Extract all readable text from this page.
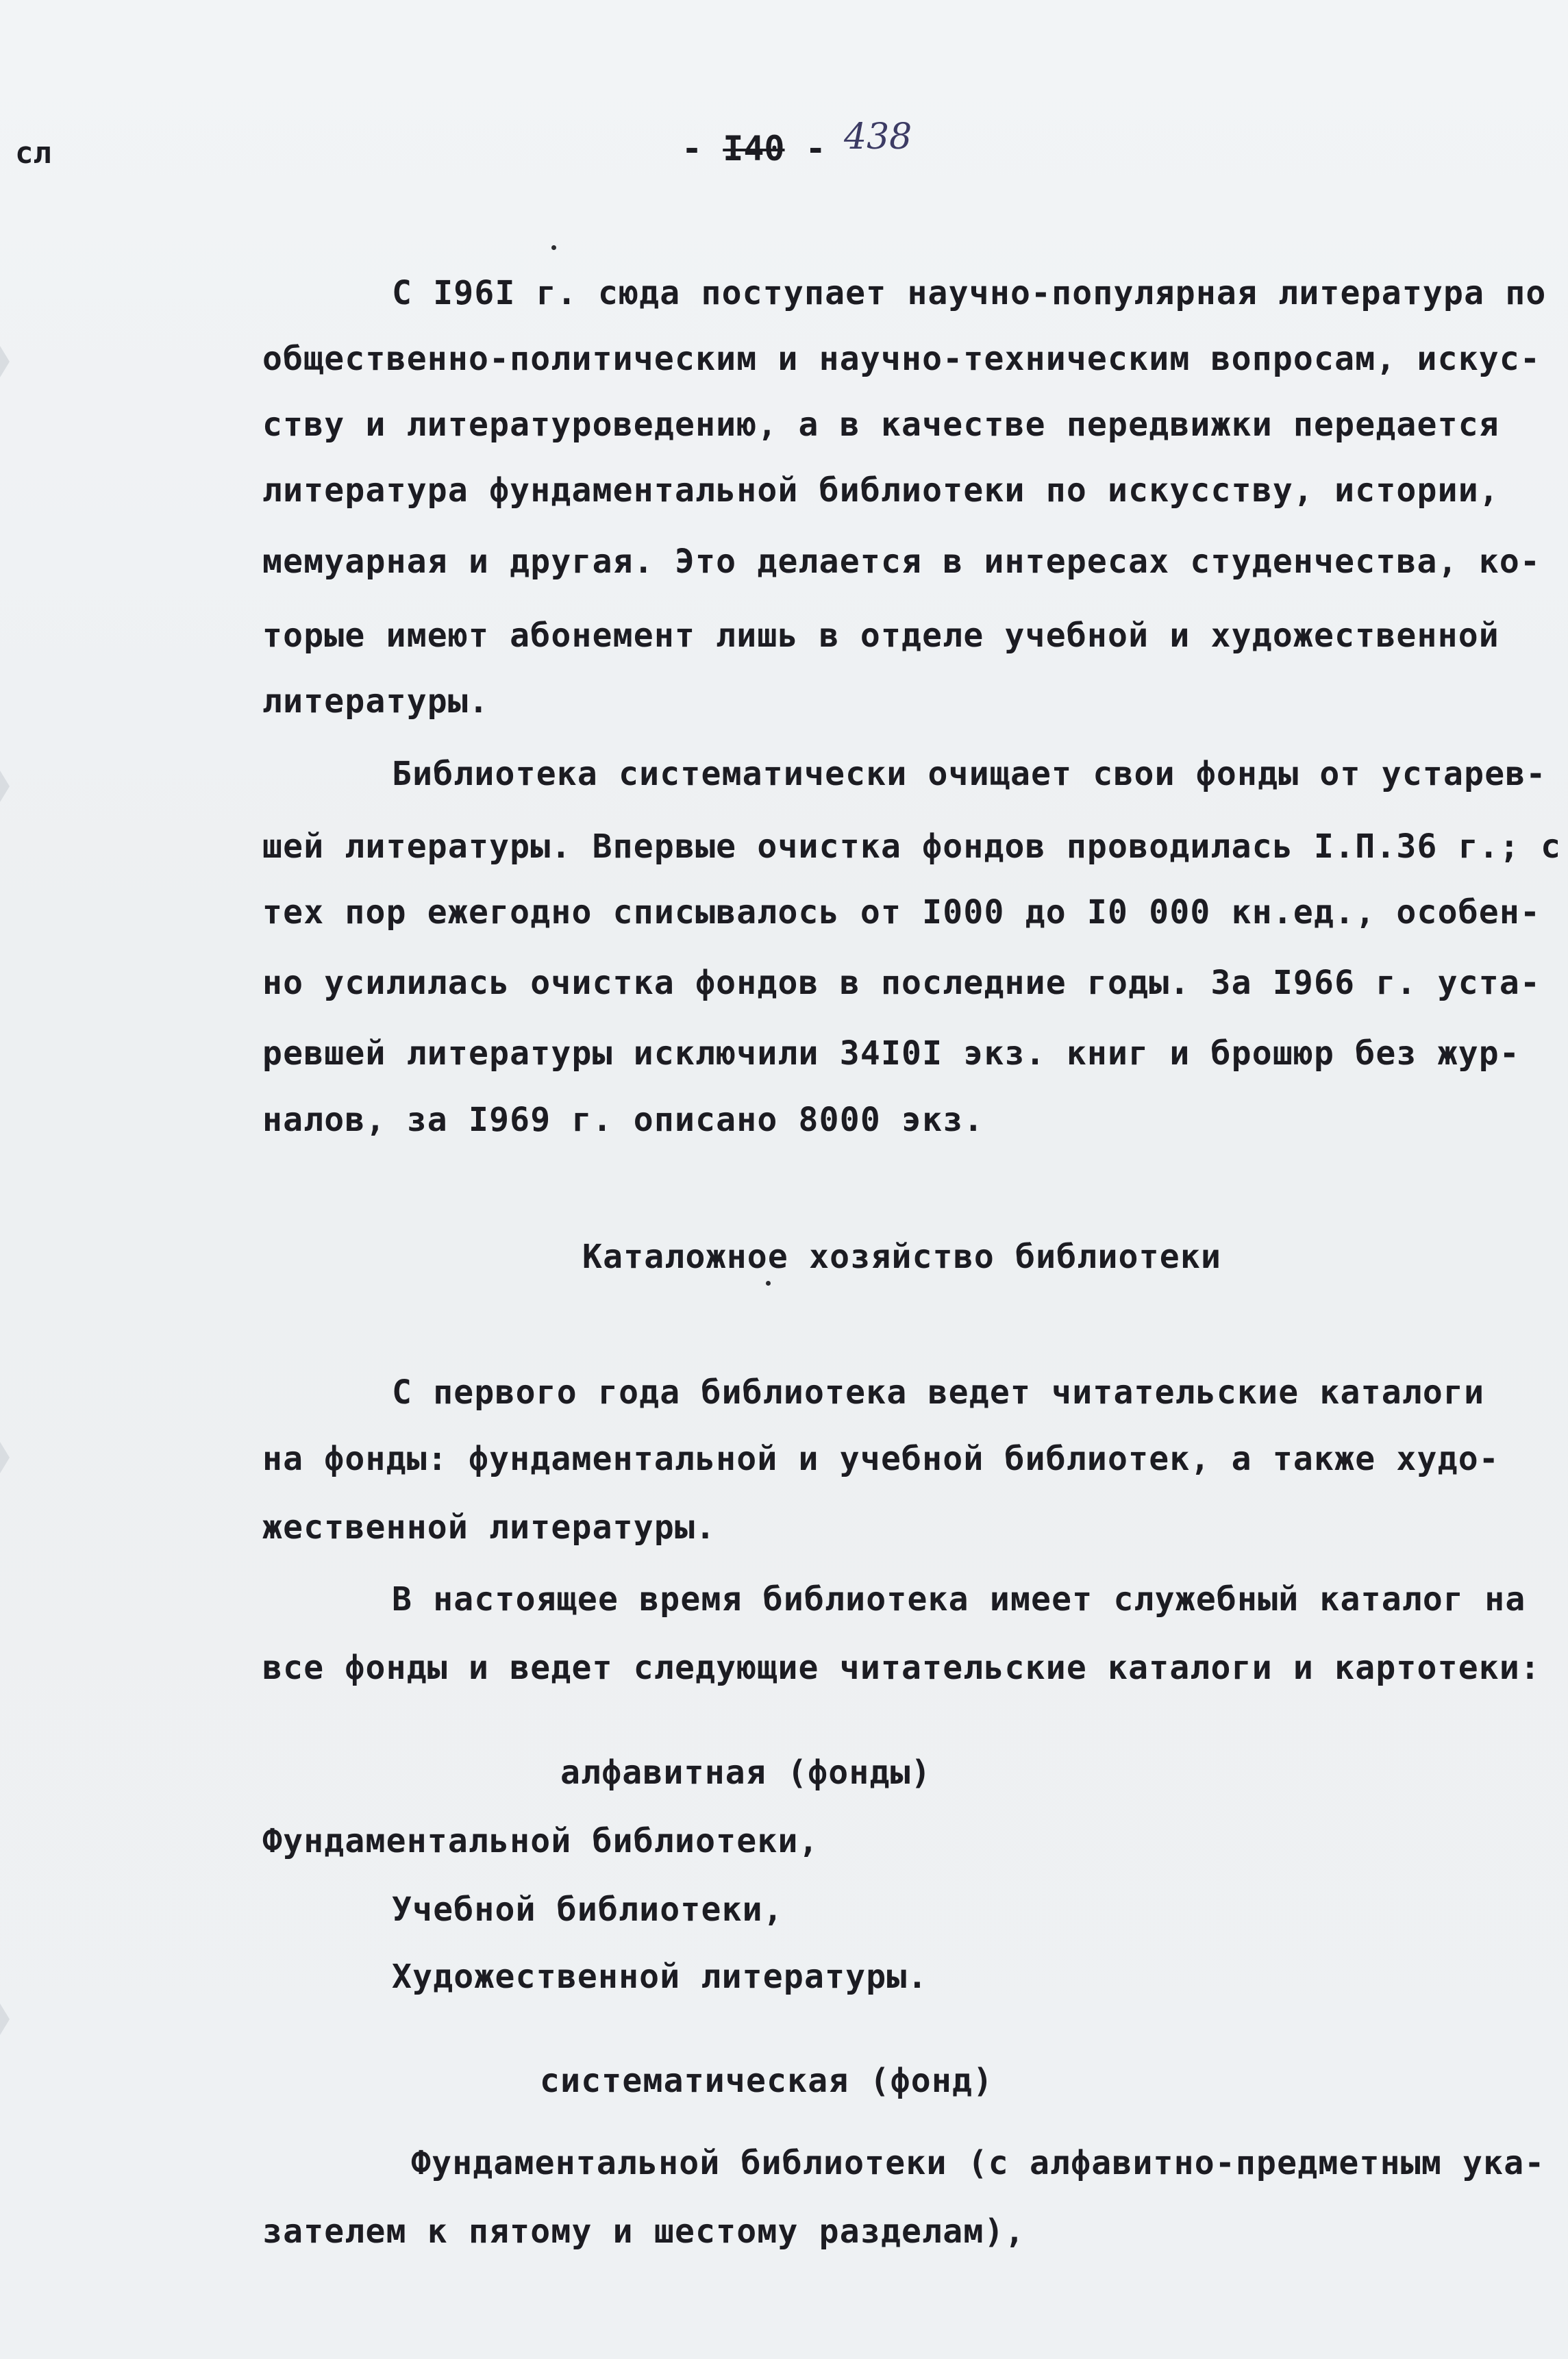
сл	- I40 - 438
С I96I г. сюда поступает научно-популярная литература по
общественно-политическим и научно-техническим вопросам, искус-
ству и литературоведению, а в качестве передвижки передается
литература фундаментальной библиотеки по искусству, истории,
мемуарная и другая. Это делается в интересах студенчества, ко-
торые имеют абонемент лишь в отделе учебной и художественной
литературы.
Библиотека систематически очищает свои фонды от устарев-
шей литературы. Впервые очистка фондов проводилась I.П.36 г.; с
тех пор ежегодно списывалось от I000 до I0 000 кн.ед., особен-
но усилилась очистка фондов в последние годы. За I966 г. уста-
ревшей литературы исключили 34I0I экз. книг и брошюр без жур-
налов, за I969 г. описано 8000 экз.
Каталожное хозяйство библиотеки
С первого года библиотека ведет читательские каталоги
на фонды: фундаментальной и учебной библиотек, а также худо-
жественной литературы.
В настоящее время библиотека имеет служебный каталог на
все фонды и ведет следующие читательские каталоги и картотеки:
алфавитная (фонды)
Фундаментальной библиотеки,
Учебной библиотеки,
Художественной литературы.
систематическая (фонд)
Фундаментальной библиотеки (с алфавитно-предметным ука-
зателем к пятому и шестому разделам),
